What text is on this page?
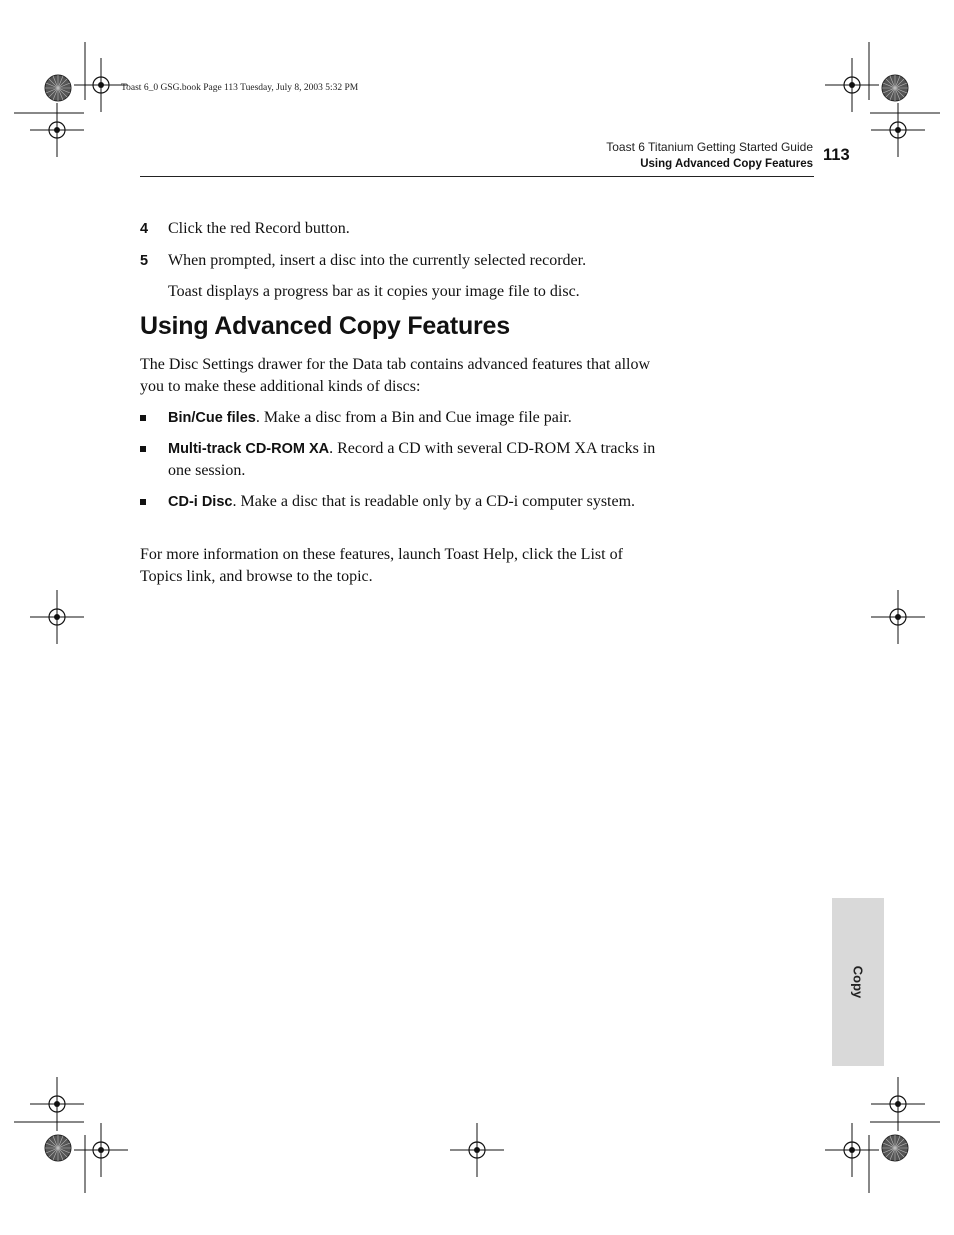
Toast 6_0 GSG.book Page 113 Tuesday, July 8, 2003 5:32 PM
Toast 6 Titanium Getting Started Guide
Using Advanced Copy Features 113
4 Click the red Record button.
5 When prompted, insert a disc into the currently selected recorder.
Toast displays a progress bar as it copies your image file to disc.
Using Advanced Copy Features
The Disc Settings drawer for the Data tab contains advanced features that allow you to make these additional kinds of discs:
Bin/Cue files. Make a disc from a Bin and Cue image file pair.
Multi-track CD-ROM XA. Record a CD with several CD-ROM XA tracks in one session.
CD-i Disc. Make a disc that is readable only by a CD-i computer system.
For more information on these features, launch Toast Help, click the List of Topics link, and browse to the topic.
Copy
